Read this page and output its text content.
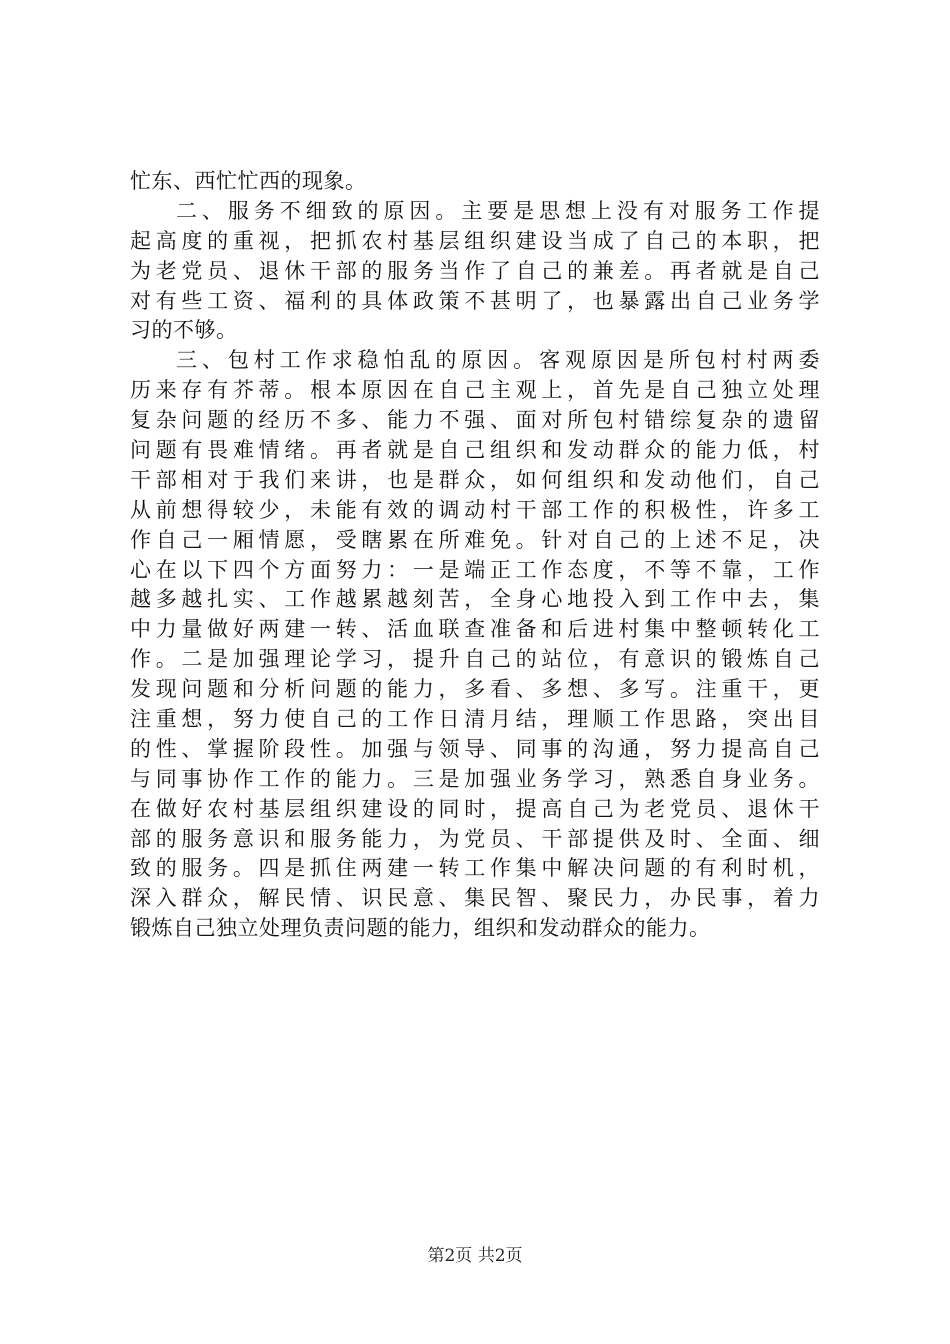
忙东、西忙忙西的现象。
二、服务不细致的原因。主要是思想上没有对服务工作提
起高度的重视，把抓农村基层组织建设当成了自己的本职，把
为老党员、退休干部的服务当作了自己的兼差。再者就是自己
对有些工资、福利的具体政策不甚明了，也暴露出自己业务学
习的不够。
三、包村工作求稳怕乱的原因。客观原因是所包村村两委
历来存有芥蒂。根本原因在自己主观上，首先是自己独立处理
复杂问题的经历不多、能力不强、面对所包村错综复杂的遗留
问题有畏难情绪。再者就是自己组织和发动群众的能力低，村
干部相对于我们来讲，也是群众，如何组织和发动他们，自己
从前想得较少，未能有效的调动村干部工作的积极性，许多工
作自己一厢情愿，受瞎累在所难免。针对自己的上述不足，决
心在以下四个方面努力：一是端正工作态度，不等不靠，工作
越多越扎实、工作越累越刻苦，全身心地投入到工作中去，集
中力量做好两建一转、活血联查准备和后进村集中整顿转化工
作。二是加强理论学习，提升自己的站位，有意识的锻炼自己
发现问题和分析问题的能力，多看、多想、多写。注重干，更
注重想，努力使自己的工作日清月结，理顺工作思路，突出目
的性、掌握阶段性。加强与领导、同事的沟通，努力提高自己
与同事协作工作的能力。三是加强业务学习，熟悉自身业务。
在做好农村基层组织建设的同时，提高自己为老党员、退休干
部的服务意识和服务能力，为党员、干部提供及时、全面、细
致的服务。四是抓住两建一转工作集中解决问题的有利时机，
深入群众，解民情、识民意、集民智、聚民力，办民事，着力
锻炼自己独立处理负责问题的能力，组织和发动群众的能力。
第2页 共2页
